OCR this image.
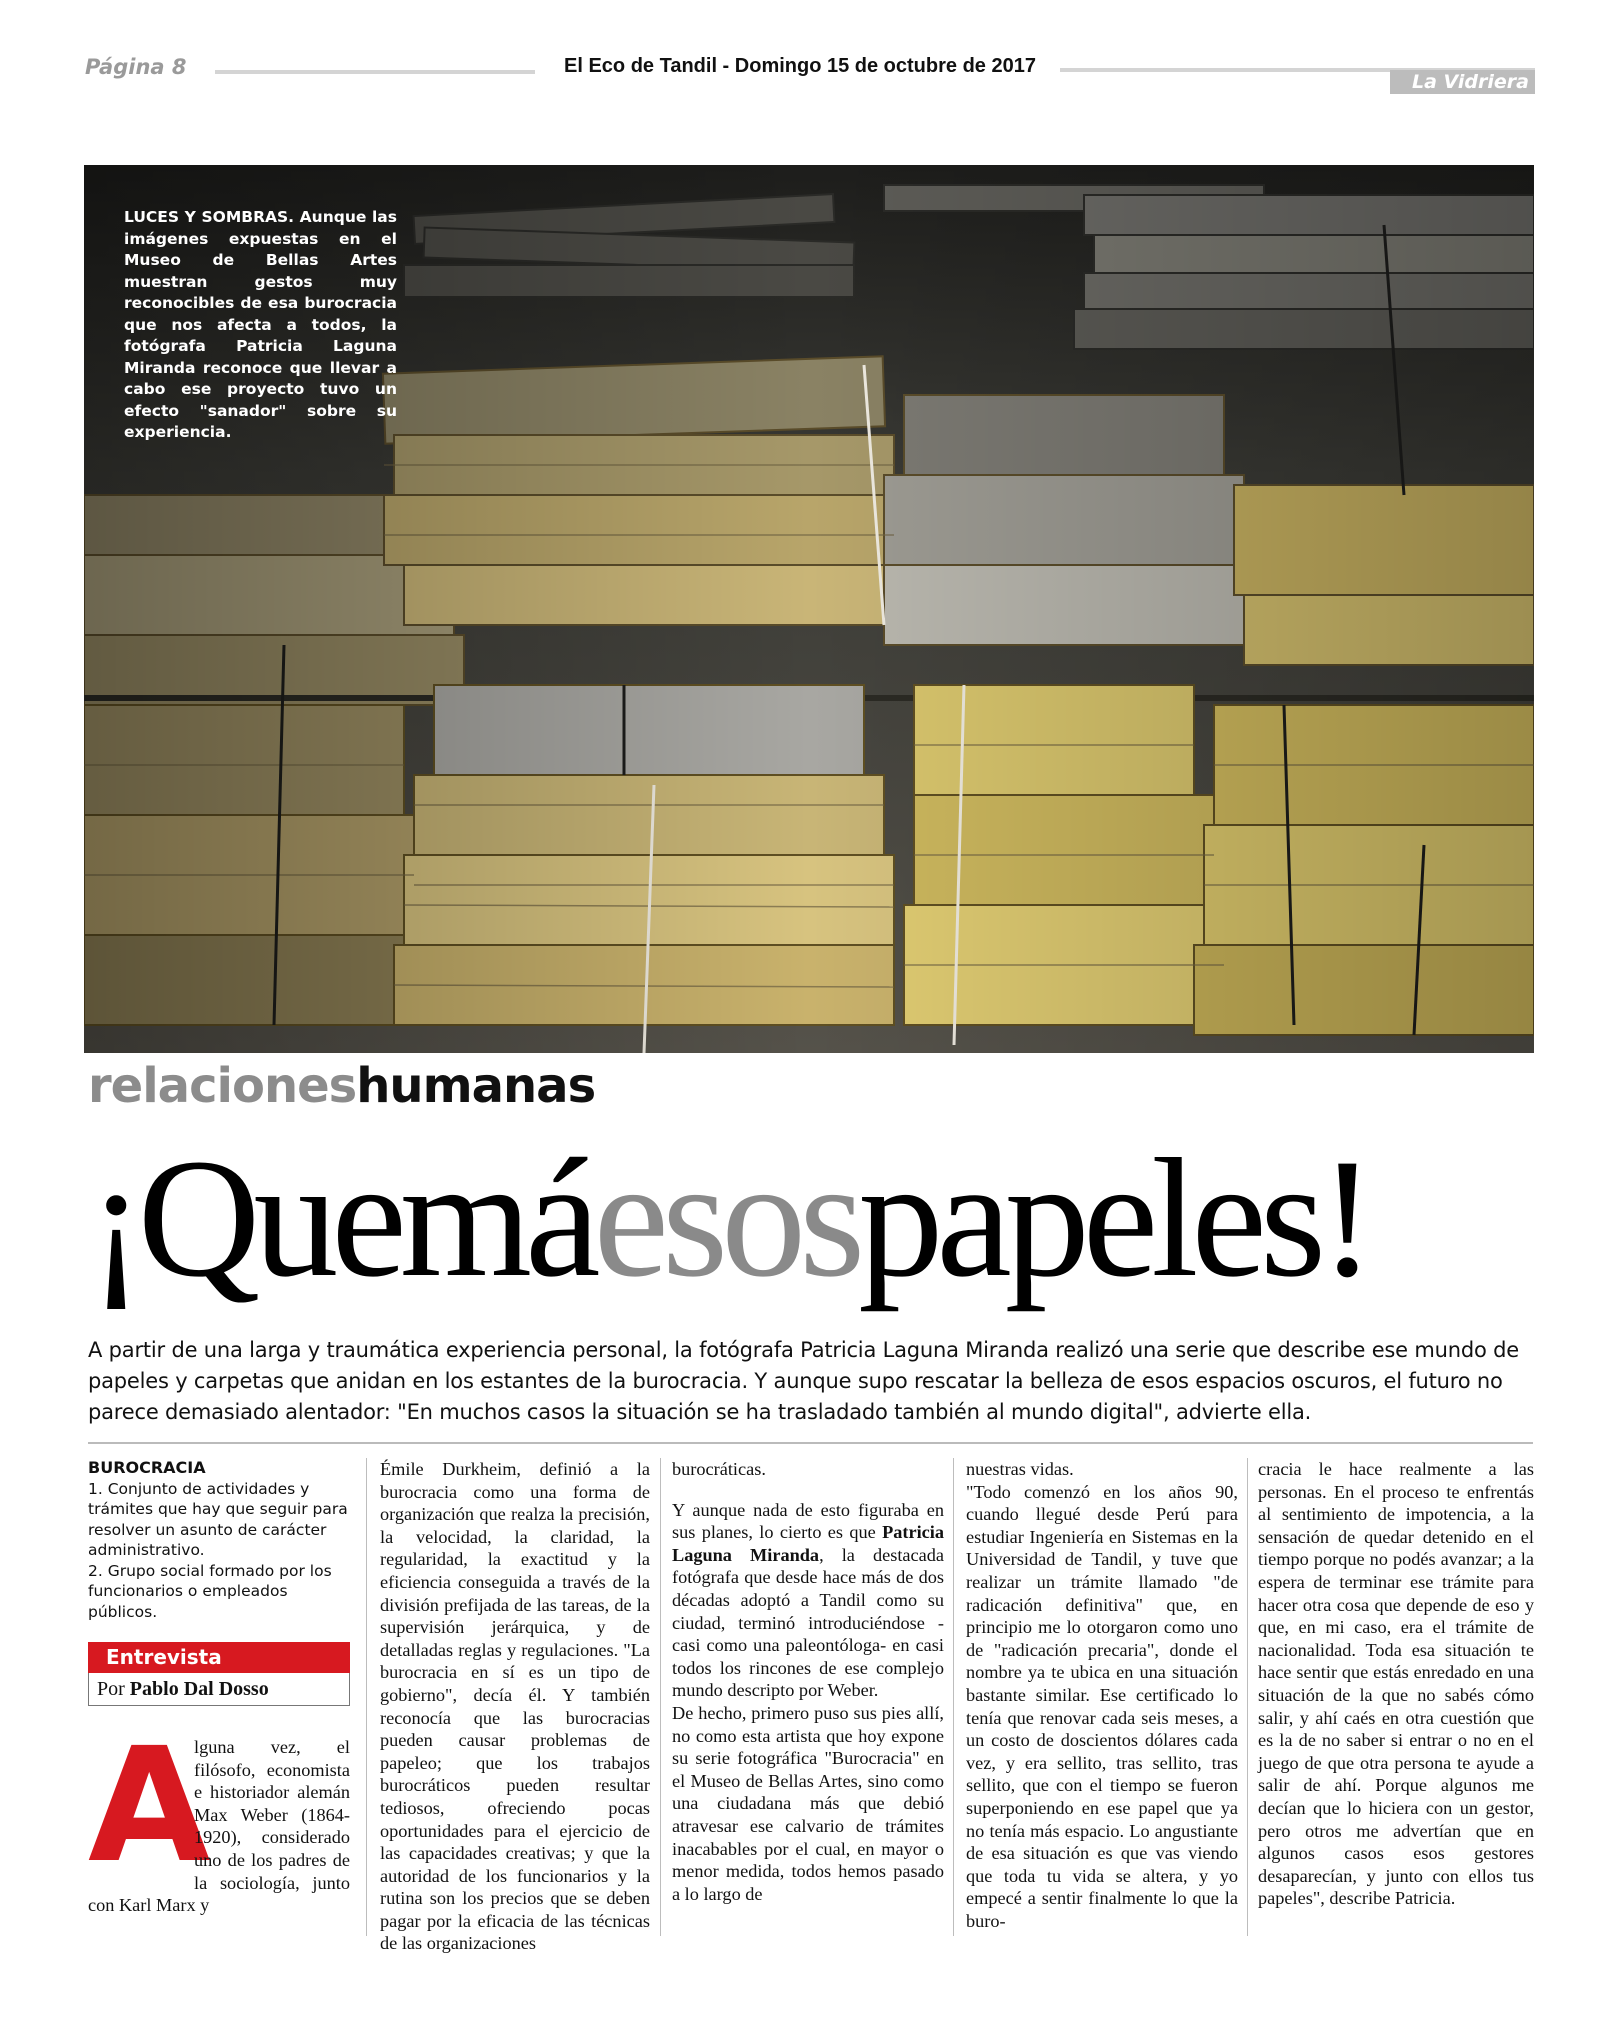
Página 8	El Eco de Tandil - Domingo 15 de octubre de 2017
La Vidriera
LUCES Y SOMBRAS. Aunque las imágenes expuestas en el Museo de Bellas Artes muestran gestos muy reconocibles de esa burocracia que nos afecta a todos, la fotógrafa Patricia Laguna Miranda reconoce que llevar a cabo ese proyecto tuvo un efecto "sanador" sobre su experiencia.
relacioneshumanas
¡Quemáesospapeles!
A partir de una larga y traumática experiencia personal, la fotógrafa Patricia Laguna Miranda realizó una serie que describe ese mundo de papeles y carpetas que anidan en los estantes de la burocracia. Y aunque supo rescatar la belleza de esos espacios oscuros, el futuro no parece demasiado alentador: "En muchos casos la situación se ha trasladado también al mundo digital", advierte ella.
BUROCRACIA
1. Conjunto de actividades y trámites que hay que seguir para resolver un asunto de carácter administrativo.
2. Grupo social formado por los funcionarios o empleados públicos.
Entrevista
Por Pablo Dal Dosso
A

lguna vez, el filósofo, economista e historiador alemán Max Weber (1864-1920), considerado uno de los padres de la sociología, junto con Karl Marx y

Émile Durkheim, definió a la burocracia como una forma de organización que realza la precisión, la velocidad, la claridad, la regularidad, la exactitud y la eficiencia conseguida a través de la división prefijada de las tareas, de la supervisión jerárquica, y de detalladas reglas y regulaciones. "La burocracia en sí es un tipo de gobierno", decía él. Y también reconocía que las burocracias pueden causar problemas de papeleo; que los trabajos burocráticos pueden resultar tediosos, ofreciendo pocas oportunidades para el ejercicio de las capacidades creativas; y que la autoridad de los funcionarios y la rutina son los precios que se deben pagar por la eficacia de las técnicas de las organizaciones

burocráticas.

Y aunque nada de esto figuraba en sus planes, lo cierto es que Patricia Laguna Miranda, la destacada fotógrafa que desde hace más de dos décadas adoptó a Tandil como su ciudad, terminó introduciéndose -casi como una paleontóloga- en casi todos los rincones de ese complejo mundo descripto por Weber.

De hecho, primero puso sus pies allí, no como esta artista que hoy expone su serie fotográfica "Burocracia" en el Museo de Bellas Artes, sino como una ciudadana más que debió atravesar ese calvario de trámites inacabables por el cual, en mayor o menor medida, todos hemos pasado a lo largo de

nuestras vidas.

"Todo comenzó en los años 90, cuando llegué desde Perú para estudiar Ingeniería en Sistemas en la Universidad de Tandil, y tuve que realizar un trámite llamado "de radicación definitiva" que, en principio me lo otorgaron como uno de "radicación precaria", donde el nombre ya te ubica en una situación bastante similar. Ese certificado lo tenía que renovar cada seis meses, a un costo de doscientos dólares cada vez, y era sellito, tras sellito, tras sellito, que con el tiempo se fueron superponiendo en ese papel que ya no tenía más espacio. Lo angustiante de esa situación es que vas viendo que toda tu vida se altera, y yo empecé a sentir finalmente lo que la buro-

cracia le hace realmente a las personas. En el proceso te enfrentás al sentimiento de impotencia, a la sensación de quedar detenido en el tiempo porque no podés avanzar; a la espera de terminar ese trámite para hacer otra cosa que depende de eso y que, en mi caso, era el trámite de nacionalidad. Toda esa situación te hace sentir que estás enredado en una situación de la que no sabés cómo salir, y ahí caés en otra cuestión que es la de no saber si entrar o no en el juego de que otra persona te ayude a salir de ahí. Porque algunos me decían que lo hiciera con un gestor, pero otros me advertían que en algunos casos esos gestores desaparecían, y junto con ellos tus papeles", describe Patricia.
